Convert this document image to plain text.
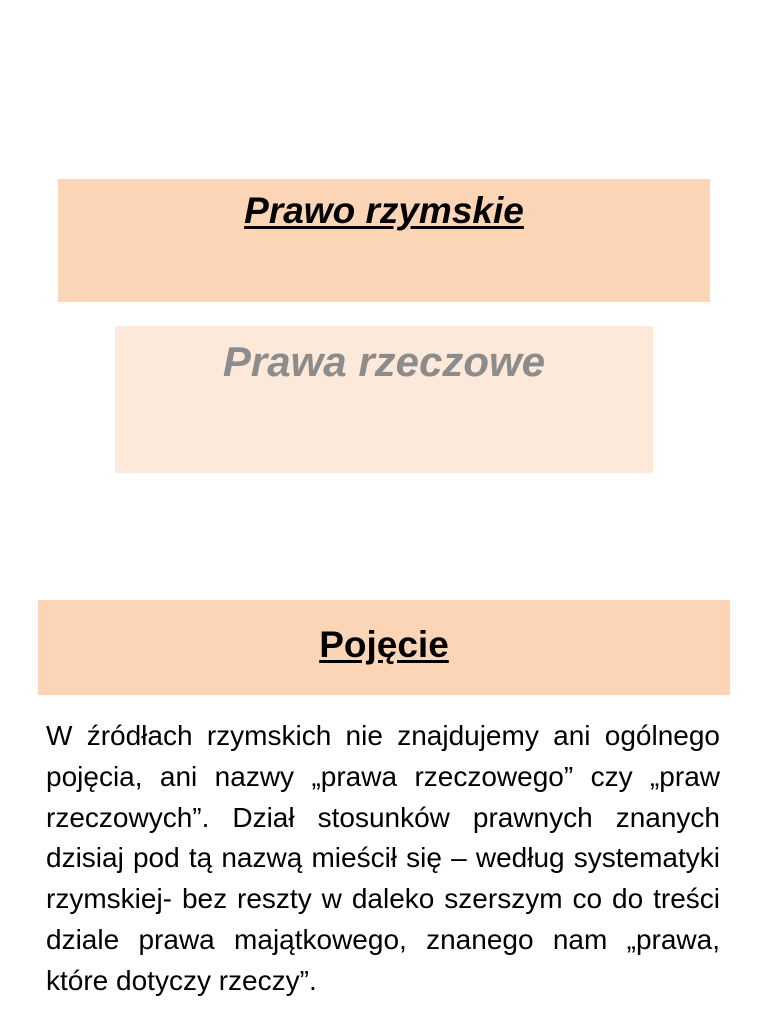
Prawo rzymskie
Prawa rzeczowe
Pojęcie

W źródłach rzymskich nie znajdujemy ani ogólnego pojęcia, ani nazwy „prawa rzeczowego” czy „praw rzeczowych”. Dział stosunków prawnych znanych dzisiaj pod tą nazwą mieścił się – według systematyki rzymskiej- bez reszty w daleko szerszym co do treści dziale prawa majątkowego, znanego nam „prawa, które dotyczy rzeczy”.
